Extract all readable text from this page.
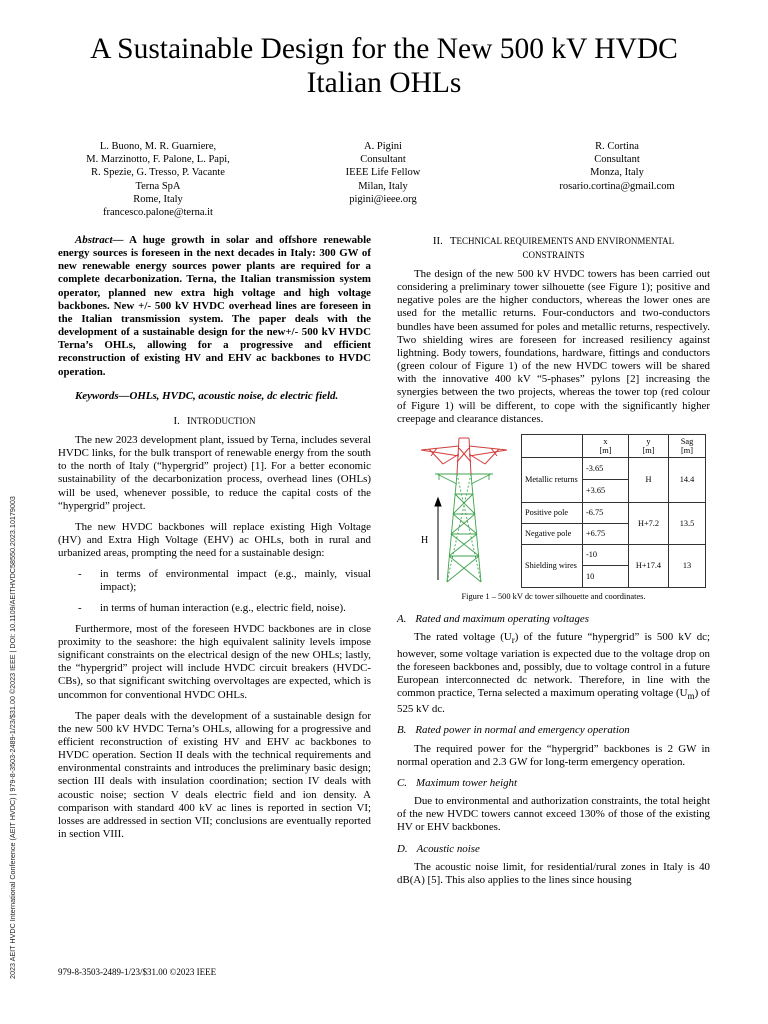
A Sustainable Design for the New 500 kV HVDC
Italian OHLs
L. Buono, M. R. Guarniere,
M. Marzinotto, F. Palone, L. Papi,
R. Spezie, G. Tresso, P. Vacante
Terna SpA
Rome, Italy
francesco.palone@terna.it
A. Pigini
Consultant
IEEE Life Fellow
Milan, Italy
pigini@ieee.org
R. Cortina
Consultant
Monza, Italy
rosario.cortina@gmail.com

Abstract— A huge growth in solar and offshore renewable energy sources is foreseen in the next decades in Italy: 300 GW of new renewable energy sources power plants are required for a complete decarbonization. Terna, the Italian transmission system operator, planned new extra high voltage and high voltage backbones. New +/- 500 kV HVDC overhead lines are foreseen in the Italian transmission system. The paper deals with the development of a sustainable design for the new+/- 500 kV HVDC Terna’s OHLs, allowing for a progressive and efficient reconstruction of existing HV and EHV ac backbones to HVDC operation.

Keywords—OHLs, HVDC, acoustic noise, dc electric field.

I. INTRODUCTION

The new 2023 development plant, issued by Terna, includes several HVDC links, for the bulk transport of renewable energy from the south to the north of Italy (“hypergrid” project) [1]. For a better economic sustainability of the decarbonization process, overhead lines (OHLs) will be used, whenever possible, to reduce the capital costs of the “hypergrid” project.

The new HVDC backbones will replace existing High Voltage (HV) and Extra High Voltage (EHV) ac OHLs, both in rural and urbanized areas, prompting the need for a sustainable design:

- in terms of environmental impact (e.g., mainly, visual impact);
- in terms of human interaction (e.g., electric field, noise).

Furthermore, most of the foreseen HVDC backbones are in close proximity to the seashore: the high equivalent salinity levels impose significant constraints on the electrical design of the new OHLs; lastly, the “hypergrid” project will include HVDC circuit breakers (HVDC-CBs), so that significant switching overvoltages are expected, which is uncommon for conventional HVDC OHLs.

The paper deals with the development of a sustainable design for the new 500 kV HVDC Terna’s OHLs, allowing for a progressive and efficient reconstruction of existing HV and EHV ac backbones to HVDC operation. Section II deals with the technical requirements and environmental constraints and introduces the preliminary basic design; section III deals with insulation coordination; section IV deals with acoustic noise; section V deals electric field and ion density. A comparison with standard 400 kV ac lines is reported in section VI; losses are addressed in section VII; conclusions are eventually reported in section VIII.

II. TECHNICAL REQUIREMENTS AND ENVIRONMENTAL
CONSTRAINTS

The design of the new 500 kV HVDC towers has been carried out considering a preliminary tower silhouette (see Figure 1); positive and negative poles are the higher conductors, whereas the lower ones are used for the metallic returns. Four-conductors and two-conductors bundles have been assumed for poles and metallic returns, respectively. Two shielding wires are foreseen for increased resiliency against lightning. Body towers, foundations, hardware, fittings and conductors (green colour of Figure 1) of the new HVDC towers will be shared with the innovative 400 kV “5-phases” pylons [2] increasing the synergies between the two projects, whereas the tower top (red colour of Figure 1) will be different, to cope with the significantly higher creepage and clearance distances.

H
	x
[m]	y
[m]	Sag
[m]
Metallic returns	-3.65	H	14.4
	+3.65		
Positive pole	-6.75	H+7.2	13.5
Negative pole	+6.75		
Shielding wires	-10	H+17.4	13
	10		
Figure 1 – 500 kV dc tower silhouette and coordinates.
A. Rated and maximum operating voltages

The rated voltage $(U_r)$ of the future “hypergrid” is 500 kV dc; however, some voltage variation is expected due to the voltage drop on the foreseen backbones and, possibly, due to voltage control in a future European interconnected dc network. Therefore, in line with the common practice, Terna selected a maximum operating voltage $(U_m)$ of 525 kV dc.

B. Rated power in normal and emergency operation

The required power for the “hypergrid” backbones is 2 GW in normal operation and 2.3 GW for long-term emergency operation.

C. Maximum tower height

Due to environmental and authorization constraints, the total height of the new HVDC towers cannot exceed 130% of those of the existing HV or EHV backbones.

D. Acoustic noise

The acoustic noise limit, for residential/rural zones in Italy is 40 dB(A) [5]. This also applies to the lines since housing

2023 AEIT HVDC International Conference (AEIT HVDC) | 979-8-3503-2489-1/23/$31.00 ©2023 IEEE | DOI: 10.1109/AEITHVDC58550.2023.10179003	979-8-3503-2489-1/23/$31.00 ©2023 IEEE
